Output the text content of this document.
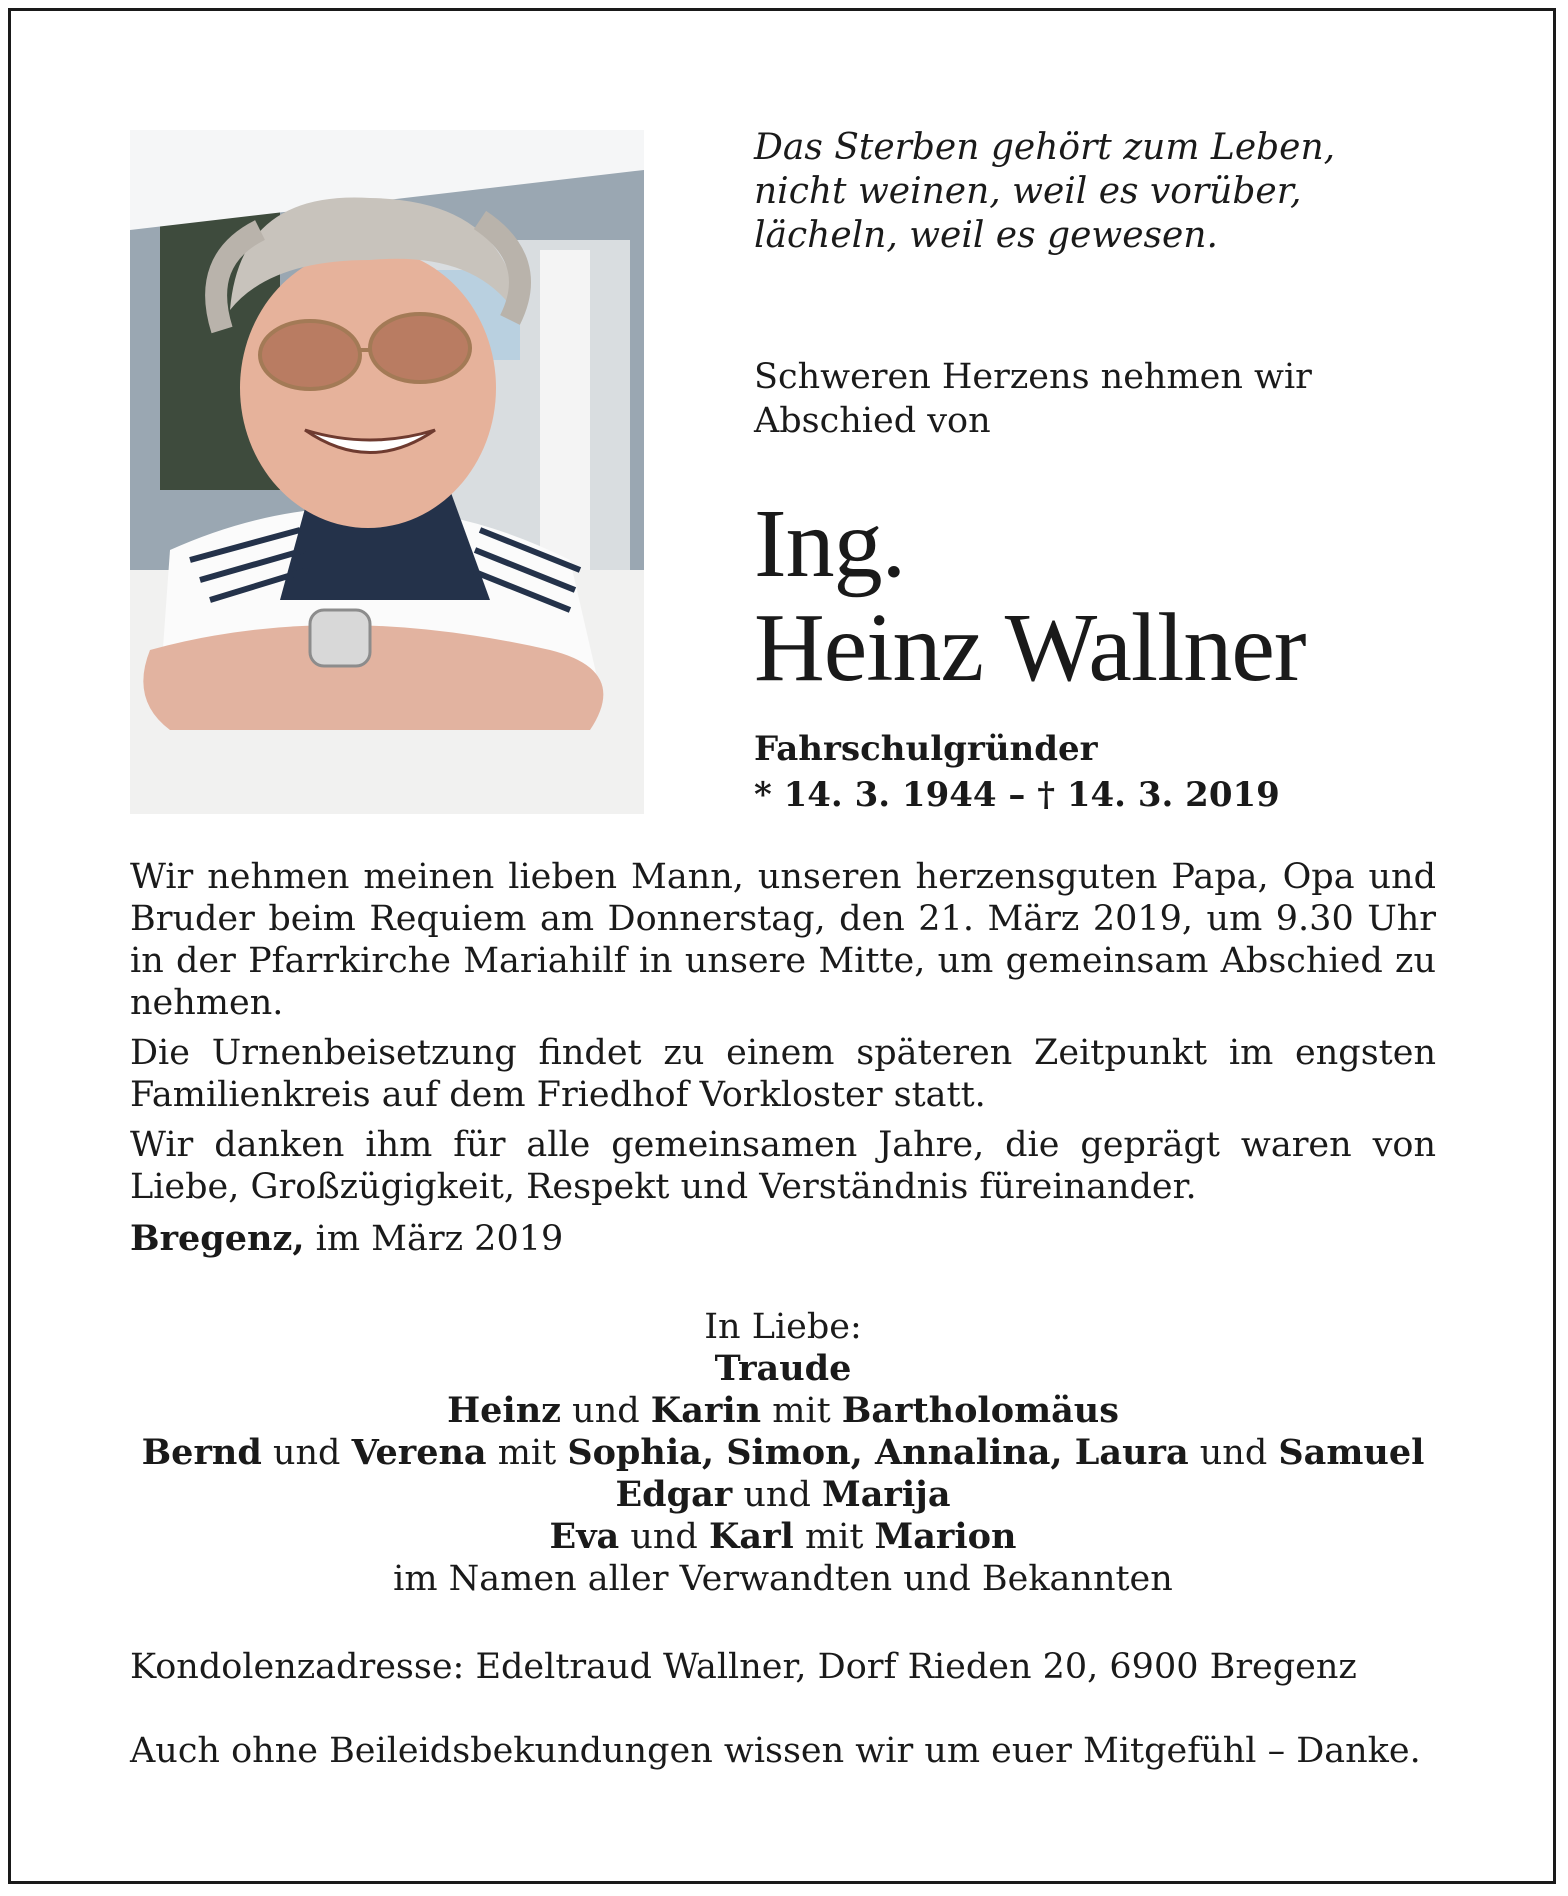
Das Sterben gehört zum Leben,
nicht weinen, weil es vorüber,
lächeln, weil es gewesen.
Schweren Herzens nehmen wir Abschied von
Ing.
Heinz Wallner
Fahrschulgründer
* 14. 3. 1944 – † 14. 3. 2019

Wir nehmen meinen lieben Mann, unseren herzensguten Papa, Opa und Bruder beim Requiem am Donnerstag, den 21. März 2019, um 9.30 Uhr in der Pfarrkirche Mariahilf in unsere Mitte, um gemeinsam Abschied zu nehmen.

Die Urnenbeisetzung findet zu einem späteren Zeitpunkt im engsten Familienkreis auf dem Friedhof Vorkloster statt.

Wir danken ihm für alle gemeinsamen Jahre, die geprägt waren von Liebe, Großzügigkeit, Respekt und Verständnis füreinander.

Bregenz, im März 2019
In Liebe:
Traude
Heinz und Karin mit Bartholomäus
Bernd und Verena mit Sophia, Simon, Annalina, Laura und Samuel
Edgar und Marija
Eva und Karl mit Marion
im Namen aller Verwandten und Bekannten
Kondolenzadresse: Edeltraud Wallner, Dorf Rieden 20, 6900 Bregenz
Auch ohne Beileidsbekundungen wissen wir um euer Mitgefühl – Danke.
